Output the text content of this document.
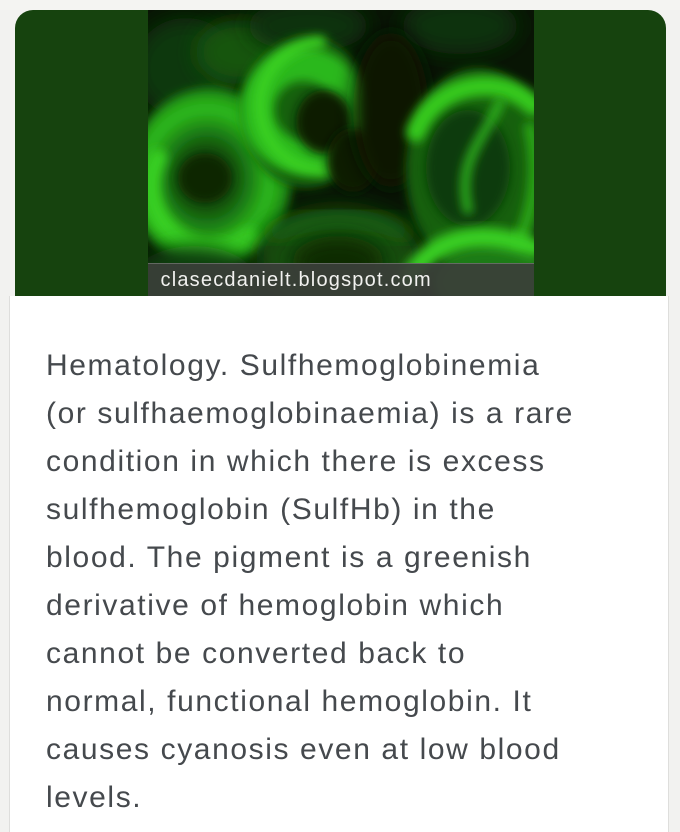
clasecdanielt.blogspot.com
Hematology. Sulfhemoglobinemia
(or sulfhaemoglobinaemia) is a rare
condition in which there is excess
sulfhemoglobin (SulfHb) in the
blood. The pigment is a greenish
derivative of hemoglobin which
cannot be converted back to
normal, functional hemoglobin. It
causes cyanosis even at low blood
levels.
